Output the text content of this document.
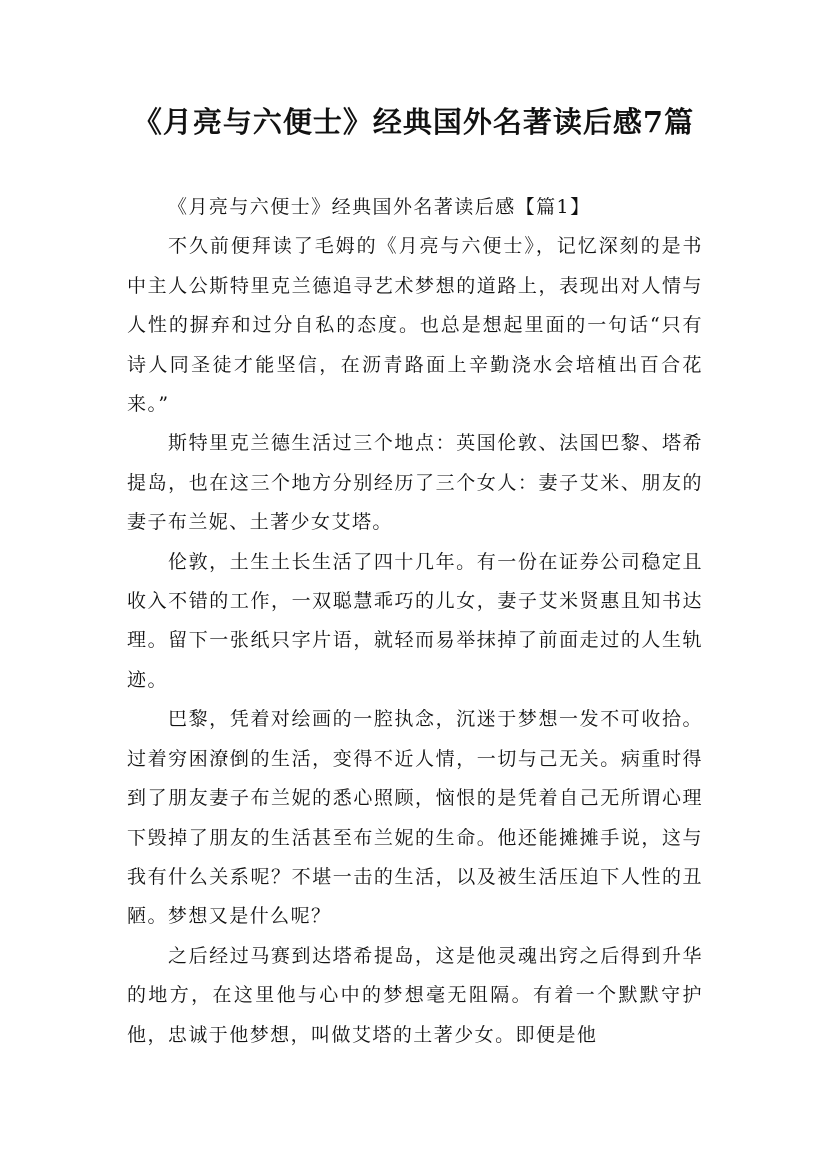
《月亮与六便士》经典国外名著读后感7篇

《月亮与六便士》经典国外名著读后感【篇1】

不久前便拜读了毛姆的《月亮与六便士》，记忆深刻的是书中主人公斯特里克兰德追寻艺术梦想的道路上，表现出对人情与人性的摒弃和过分自私的态度。也总是想起里面的一句话“只有诗人同圣徒才能坚信，在沥青路面上辛勤浇水会培植出百合花来。”

斯特里克兰德生活过三个地点：英国伦敦、法国巴黎、塔希提岛，也在这三个地方分别经历了三个女人：妻子艾米、朋友的妻子布兰妮、土著少女艾塔。

伦敦，土生土长生活了四十几年。有一份在证券公司稳定且收入不错的工作，一双聪慧乖巧的儿女，妻子艾米贤惠且知书达理。留下一张纸只字片语，就轻而易举抹掉了前面走过的人生轨迹。

巴黎，凭着对绘画的一腔执念，沉迷于梦想一发不可收拾。过着穷困潦倒的生活，变得不近人情，一切与己无关。病重时得到了朋友妻子布兰妮的悉心照顾，恼恨的是凭着自己无所谓心理下毁掉了朋友的生活甚至布兰妮的生命。他还能摊摊手说，这与我有什么关系呢？不堪一击的生活，以及被生活压迫下人性的丑陋。梦想又是什么呢？

之后经过马赛到达塔希提岛，这是他灵魂出窍之后得到升华的地方，在这里他与心中的梦想毫无阻隔。有着一个默默守护他，忠诚于他梦想，叫做艾塔的土著少女。即便是他
